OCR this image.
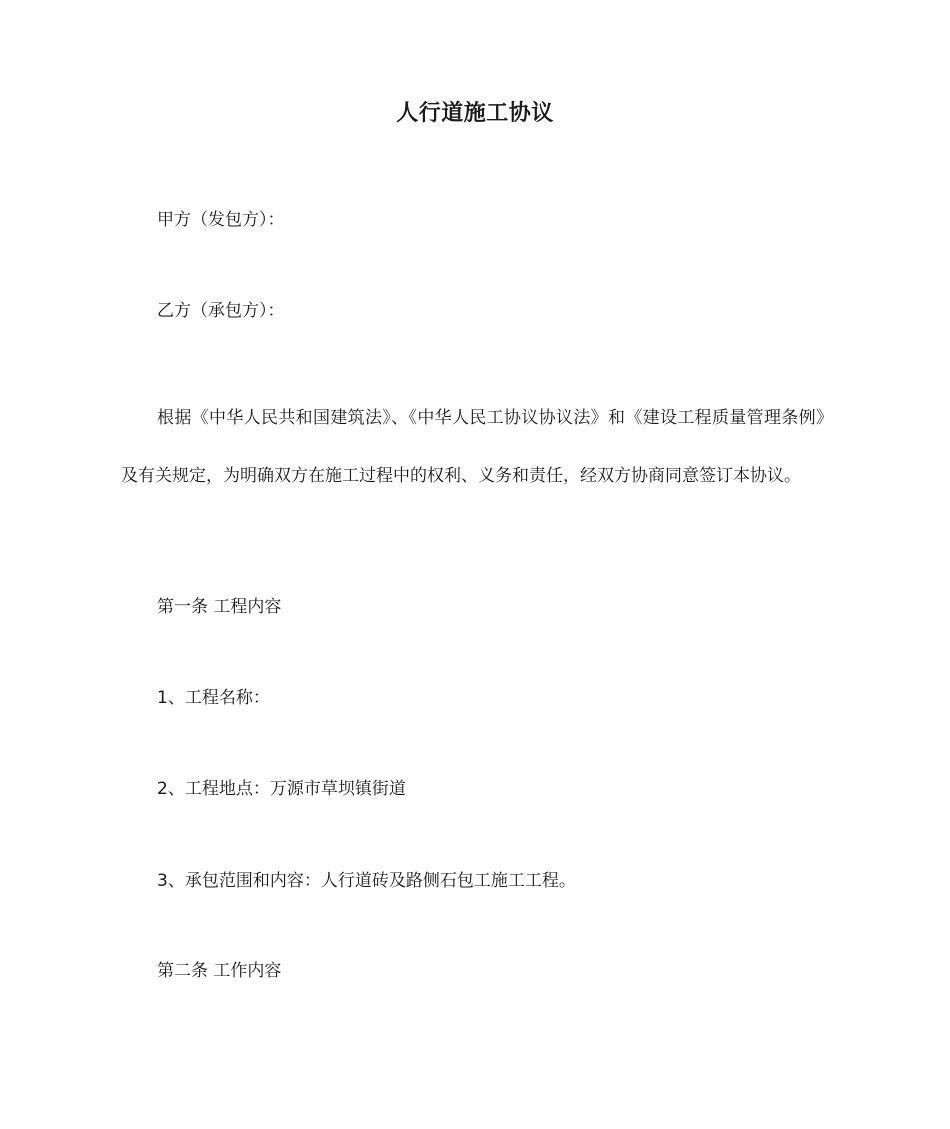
人行道施工协议
甲方（发包方）：
乙方（承包方）：
根据《中华人民共和国建筑法》、《中华人民工协议协议法》和《建设工程质量管理条例》及有关规定，为明确双方在施工过程中的权利、义务和责任，经双方协商同意签订本协议。
第一条 工程内容
1、工程名称：
2、工程地点：万源市草坝镇街道
3、承包范围和内容：人行道砖及路侧石包工施工工程。
第二条 工作内容
